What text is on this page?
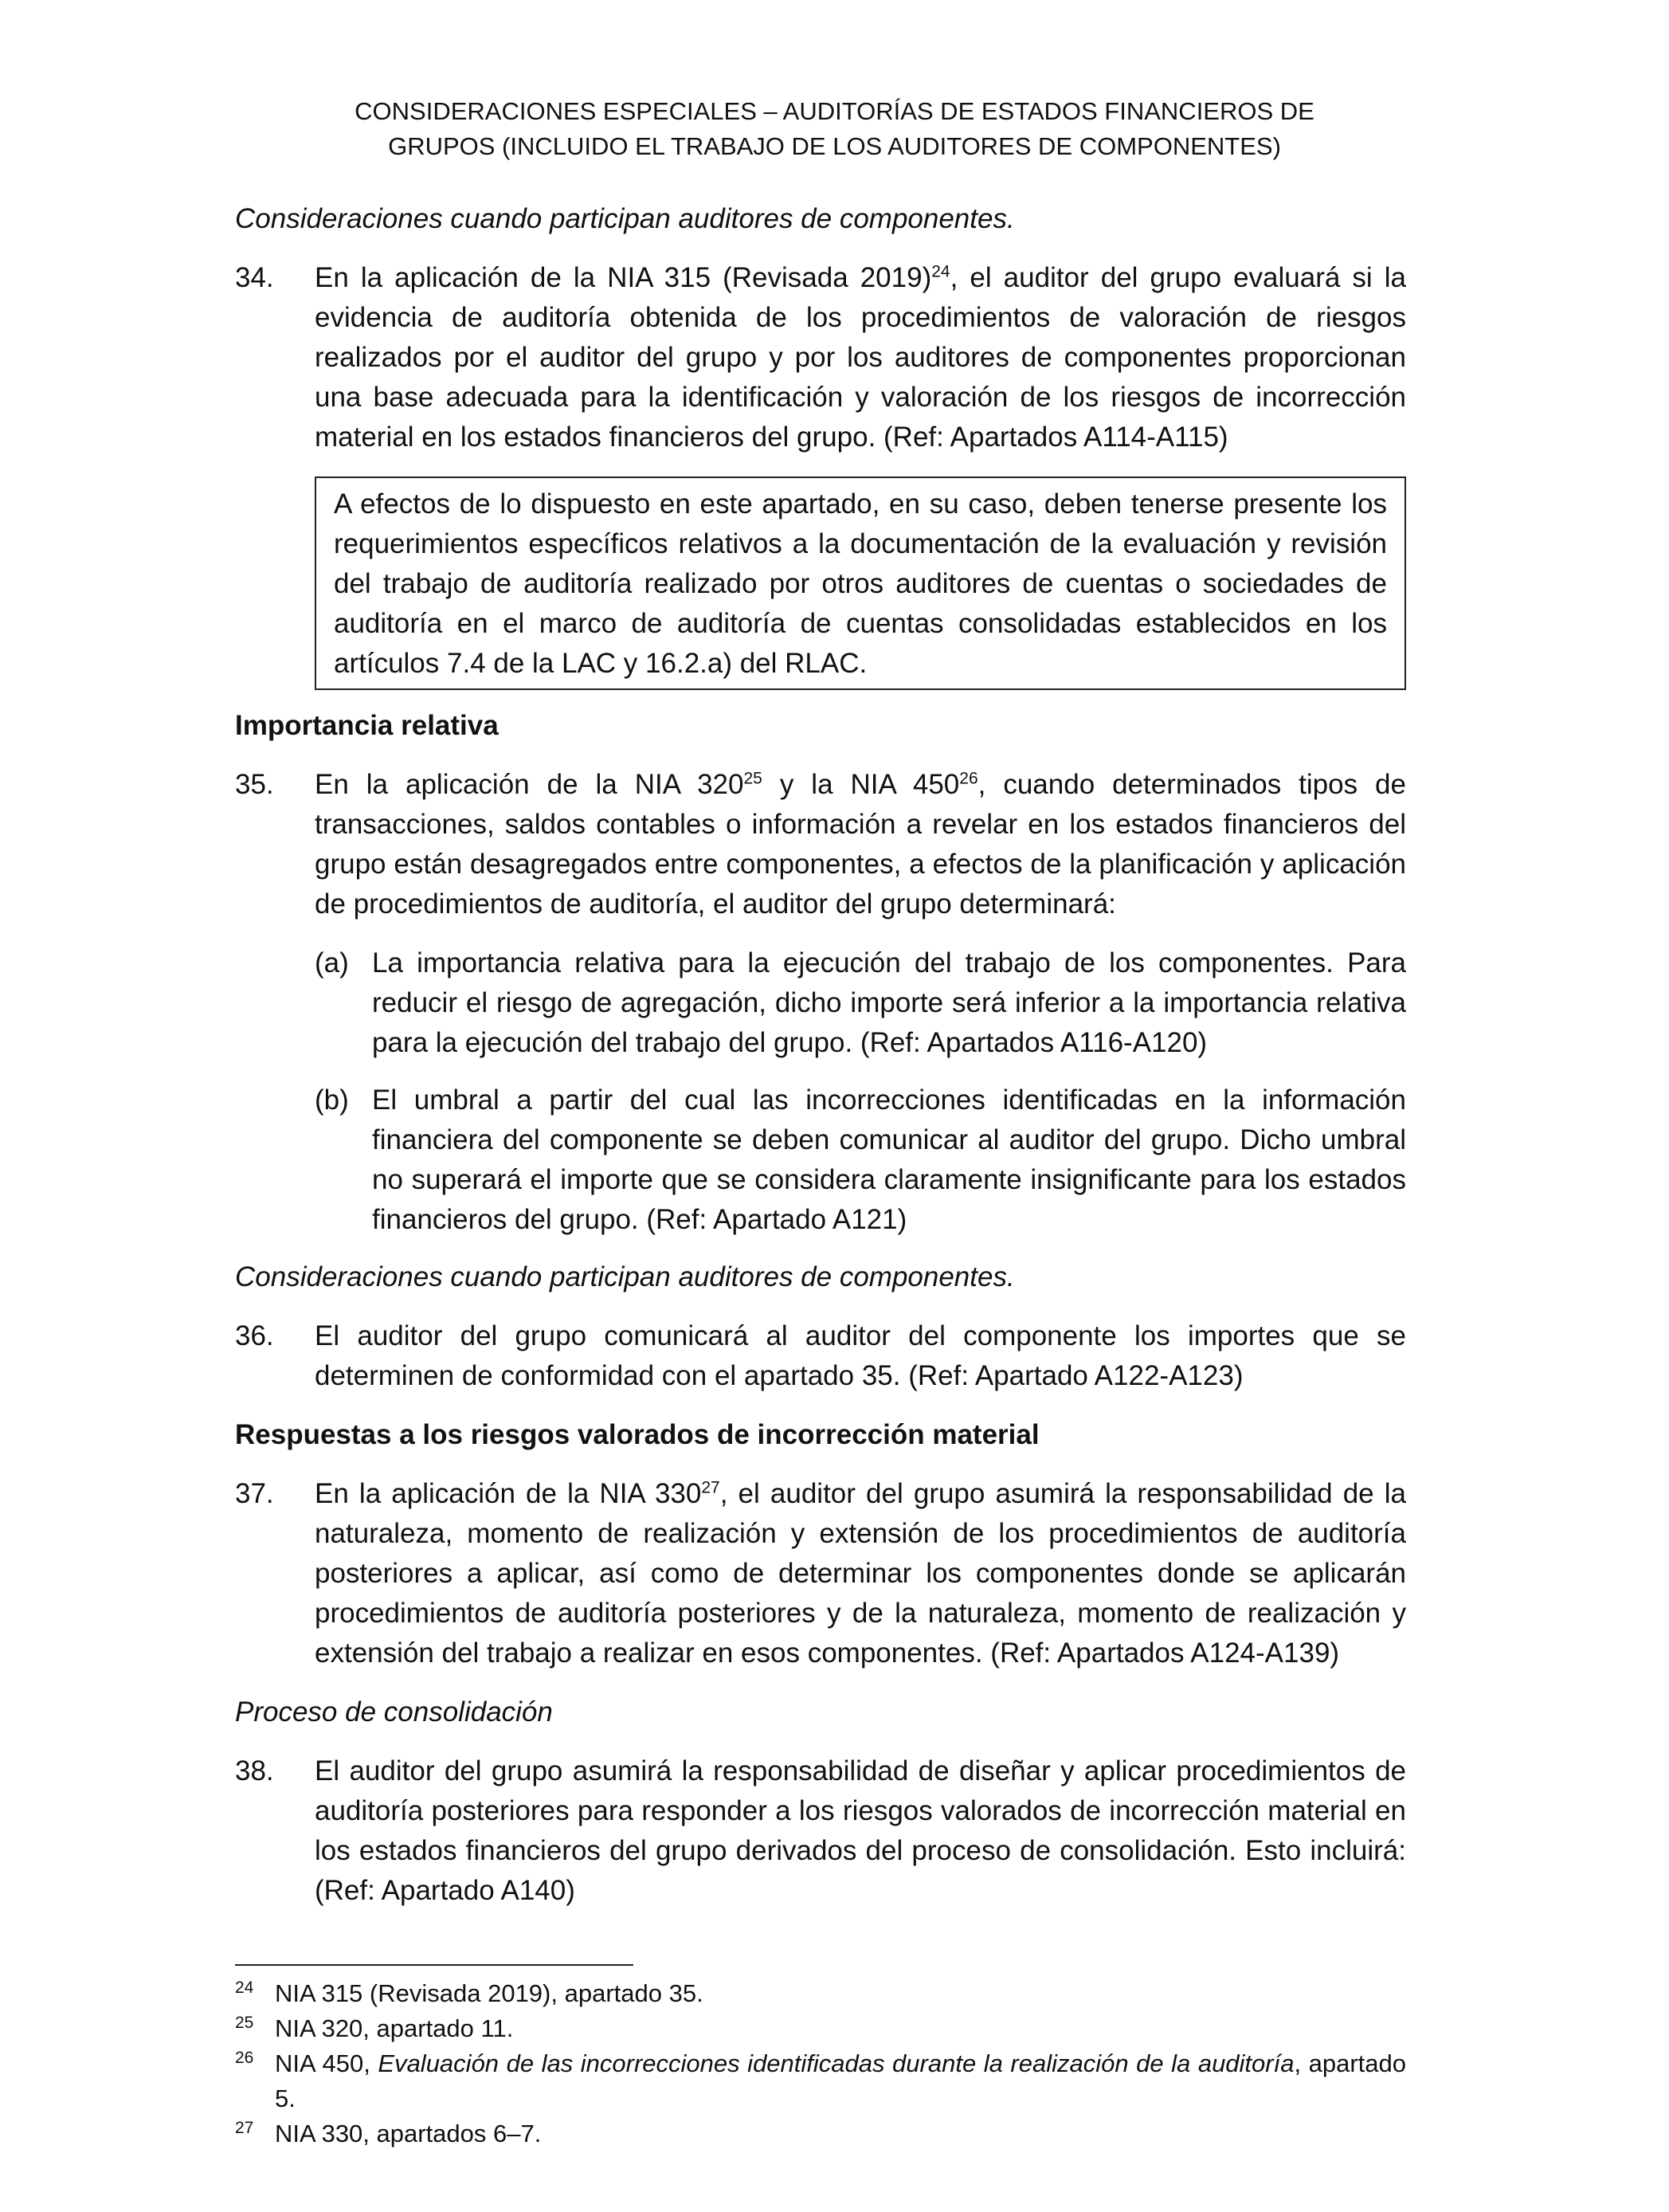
CONSIDERACIONES ESPECIALES – AUDITORÍAS DE ESTADOS FINANCIEROS DE
GRUPOS (INCLUIDO EL TRABAJO DE LOS AUDITORES DE COMPONENTES)
Consideraciones cuando participan auditores de componentes.
34.	En la aplicación de la NIA 315 (Revisada 2019)$^{24}$, el auditor del grupo evaluará si la evidencia de auditoría obtenida de los procedimientos de valoración de riesgos realizados por el auditor del grupo y por los auditores de componentes proporcionan una base adecuada para la identificación y valoración de los riesgos de incorrección material en los estados financieros del grupo. (Ref: Apartados A114-A115)
A efectos de lo dispuesto en este apartado, en su caso, deben tenerse presente los requerimientos específicos relativos a la documentación de la evaluación y revisión del trabajo de auditoría realizado por otros auditores de cuentas o sociedades de auditoría en el marco de auditoría de cuentas consolidadas establecidos en los artículos 7.4 de la LAC y 16.2.a) del RLAC.
Importancia relativa
35.	En la aplicación de la NIA $320^{25}$ y la NIA $450^{26}$, cuando determinados tipos de transacciones, saldos contables o información a revelar en los estados financieros del grupo están desagregados entre componentes, a efectos de la planificación y aplicación de procedimientos de auditoría, el auditor del grupo determinará:
(a) La importancia relativa para la ejecución del trabajo de los componentes. Para reducir el riesgo de agregación, dicho importe será inferior a la importancia relativa para la ejecución del trabajo del grupo. (Ref: Apartados A116-A120)
(b) El umbral a partir del cual las incorrecciones identificadas en la información financiera del componente se deben comunicar al auditor del grupo. Dicho umbral no superará el importe que se considera claramente insignificante para los estados financieros del grupo. (Ref: Apartado A121)
Consideraciones cuando participan auditores de componentes.
36.	El auditor del grupo comunicará al auditor del componente los importes que se determinen de conformidad con el apartado 35. (Ref: Apartado A122-A123)
Respuestas a los riesgos valorados de incorrección material
37.	En la aplicación de la NIA $330^{27}$, el auditor del grupo asumirá la responsabilidad de la naturaleza, momento de realización y extensión de los procedimientos de auditoría posteriores a aplicar, así como de determinar los componentes donde se aplicarán procedimientos de auditoría posteriores y de la naturaleza, momento de realización y extensión del trabajo a realizar en esos componentes. (Ref: Apartados A124-A139)
Proceso de consolidación
38.	El auditor del grupo asumirá la responsabilidad de diseñar y aplicar procedimientos de auditoría posteriores para responder a los riesgos valorados de incorrección material en los estados financieros del grupo derivados del proceso de consolidación. Esto incluirá: (Ref: Apartado A140)
24 NIA 315 (Revisada 2019), apartado 35.
25 NIA 320, apartado 11.
26 NIA 450, Evaluación de las incorrecciones identificadas durante la realización de la auditoría, apartado 5.
27 NIA 330, apartados 6–7.
